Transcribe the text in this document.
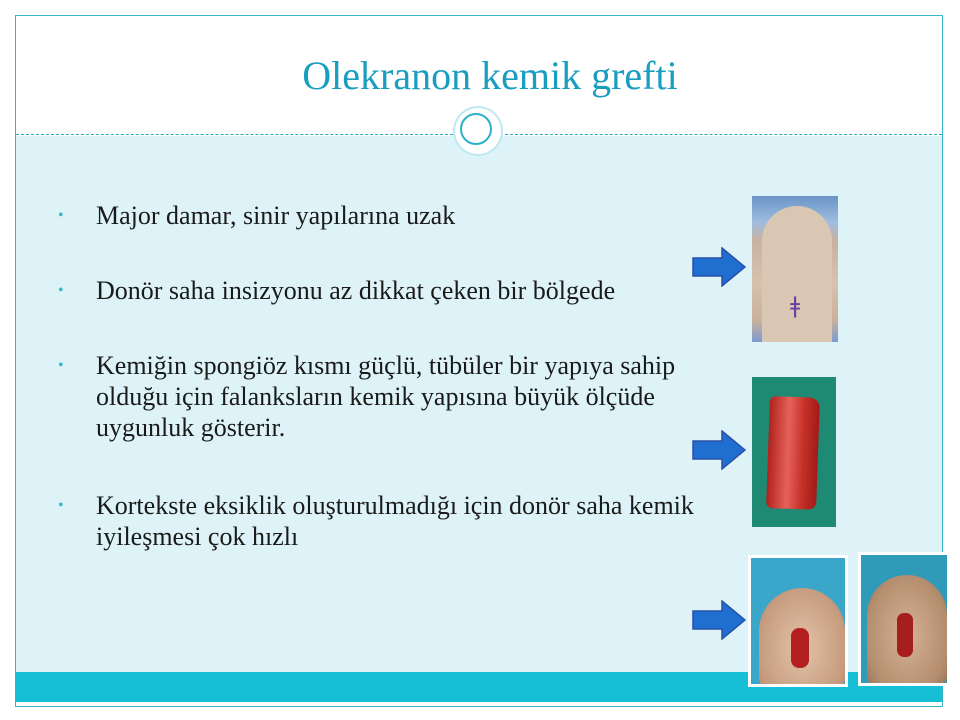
Olekranon kemik grefti
• Major damar, sinir yapılarına uzak
• Donör saha insizyonu az dikkat çeken bir bölgede
• Kemiğin spongiöz kısmı güçlü, tübüler bir yapıya sahip olduğu için falanksların kemik yapısına büyük ölçüde uygunluk gösterir.
• Kortekste eksiklik oluşturulmadığı için donör saha kemik iyileşmesi çok hızlı
ǂ
